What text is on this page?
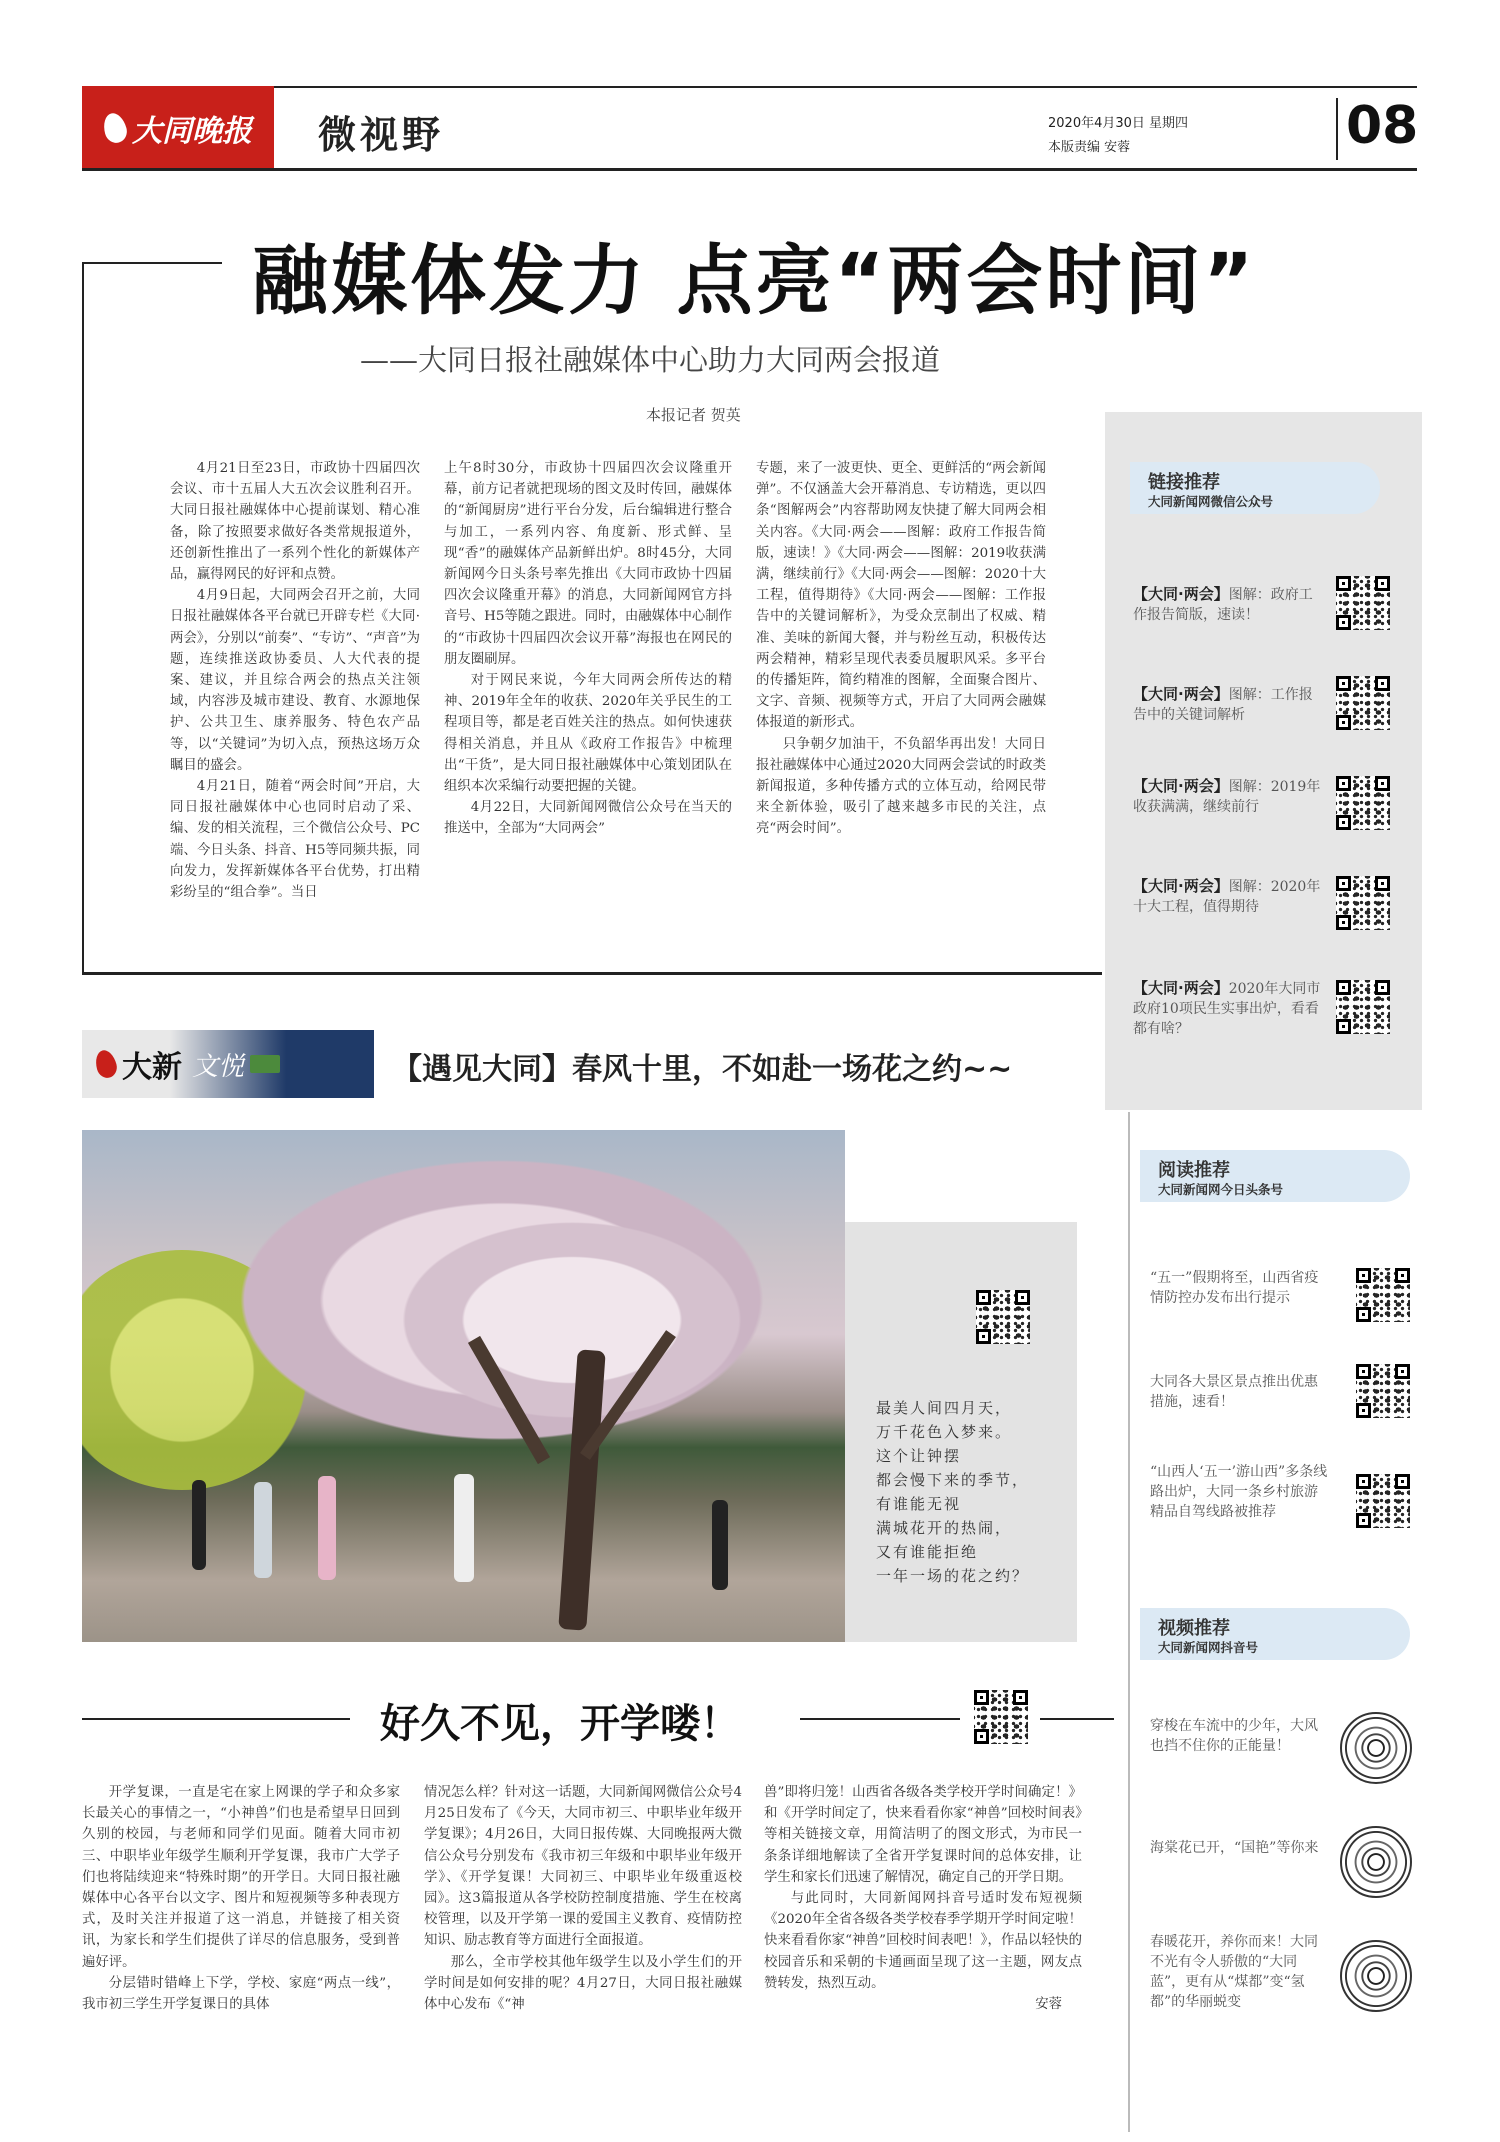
大同晚报 微视野	2020年4月30日 星期四
本版责编 安蓉	08
融媒体发力 点亮“两会时间”
——大同日报社融媒体中心助力大同两会报道
本报记者 贺英

4月21日至23日，市政协十四届四次会议、市十五届人大五次会议胜利召开。大同日报社融媒体中心提前谋划、精心准备，除了按照要求做好各类常规报道外，还创新性推出了一系列个性化的新媒体产品，赢得网民的好评和点赞。

4月9日起，大同两会召开之前，大同日报社融媒体各平台就已开辟专栏《大同·两会》，分别以“前奏”、“专访”、“声音”为题，连续推送政协委员、人大代表的提案、建议，并且综合两会的热点关注领域，内容涉及城市建设、教育、水源地保护、公共卫生、康养服务、特色农产品等，以“关键词”为切入点，预热这场万众瞩目的盛会。

4月21日，随着“两会时间”开启，大同日报社融媒体中心也同时启动了采、编、发的相关流程，三个微信公众号、PC端、今日头条、抖音、H5等同频共振，同向发力，发挥新媒体各平台优势，打出精彩纷呈的“组合拳”。当日

上午8时30分，市政协十四届四次会议隆重开幕，前方记者就把现场的图文及时传回，融媒体的“新闻厨房”进行平台分发，后台编辑进行整合与加工，一系列内容、角度新、形式鲜、呈现“香”的融媒体产品新鲜出炉。8时45分，大同新闻网今日头条号率先推出《大同市政协十四届四次会议隆重开幕》的消息，大同新闻网官方抖音号、H5等随之跟进。同时，由融媒体中心制作的“市政协十四届四次会议开幕”海报也在网民的朋友圈刷屏。

对于网民来说，今年大同两会所传达的精神、2019年全年的收获、2020年关乎民生的工程项目等，都是老百姓关注的热点。如何快速获得相关消息，并且从《政府工作报告》中梳理出“干货”，是大同日报社融媒体中心策划团队在组织本次采编行动要把握的关键。

4月22日，大同新闻网微信公众号在当天的推送中，全部为“大同两会”

专题，来了一波更快、更全、更鲜活的“两会新闻弹”。不仅涵盖大会开幕消息、专访精选，更以四条“图解两会”内容帮助网友快捷了解大同两会相关内容。《大同·两会——图解：政府工作报告简版，速读！》《大同·两会——图解：2019收获满满，继续前行》《大同·两会——图解：2020十大工程，值得期待》《大同·两会——图解：工作报告中的关键词解析》，为受众烹制出了权威、精准、美味的新闻大餐，并与粉丝互动，积极传达两会精神，精彩呈现代表委员履职风采。多平台的传播矩阵，简约精准的图解，全面聚合图片、文字、音频、视频等方式，开启了大同两会融媒体报道的新形式。

只争朝夕加油干，不负韶华再出发！大同日报社融媒体中心通过2020大同两会尝试的时政类新闻报道，多种传播方式的立体互动，给网民带来全新体验，吸引了越来越多市民的关注，点亮“两会时间”。

链接推荐
大同新闻网微信公众号
【大同·两会】图解：政府工作报告简版，速读！
【大同·两会】图解：工作报告中的关键词解析
【大同·两会】图解：2019年收获满满，继续前行
【大同·两会】图解：2020年十大工程，值得期待
【大同·两会】2020年大同市政府10项民生实事出炉，看看都有啥？
大新 文悦	【遇见大同】春风十里，不如赴一场花之约~~
最美人间四月天，
万千花色入梦来。
这个让钟摆
都会慢下来的季节，
有谁能无视
满城花开的热闹，
又有谁能拒绝
一年一场的花之约？
阅读推荐
大同新闻网今日头条号
“五一”假期将至，山西省疫情防控办发布出行提示
大同各大景区景点推出优惠措施，速看！
“山西人‘五一’游山西”多条线路出炉，大同一条乡村旅游精品自驾线路被推荐
视频推荐
大同新闻网抖音号
穿梭在车流中的少年，大风也挡不住你的正能量！
海棠花已开，“国艳”等你来
春暖花开，养你而来！大同不光有令人骄傲的“大同蓝”，更有从“煤都”变“氢都”的华丽蜕变
好久不见，开学喽！

开学复课，一直是宅在家上网课的学子和众多家长最关心的事情之一，“小神兽”们也是希望早日回到久别的校园，与老师和同学们见面。随着大同市初三、中职毕业年级学生顺利开学复课，我市广大学子们也将陆续迎来“特殊时期”的开学日。大同日报社融媒体中心各平台以文字、图片和短视频等多种表现方式，及时关注并报道了这一消息，并链接了相关资讯，为家长和学生们提供了详尽的信息服务，受到普遍好评。

分层错时错峰上下学，学校、家庭“两点一线”，我市初三学生开学复课日的具体

情况怎么样？针对这一话题，大同新闻网微信公众号4月25日发布了《今天，大同市初三、中职毕业年级开学复课》；4月26日，大同日报传媒、大同晚报两大微信公众号分别发布《我市初三年级和中职毕业年级开学》、《开学复课！大同初三、中职毕业年级重返校园》。这3篇报道从各学校防控制度措施、学生在校离校管理，以及开学第一课的爱国主义教育、疫情防控知识、励志教育等方面进行全面报道。

那么，全市学校其他年级学生以及小学生们的开学时间是如何安排的呢？4月27日，大同日报社融媒体中心发布《“神

兽”即将归笼！山西省各级各类学校开学时间确定！》和《开学时间定了，快来看看你家“神兽”回校时间表》等相关链接文章，用简洁明了的图文形式，为市民一条条详细地解读了全省开学复课时间的总体安排，让学生和家长们迅速了解情况，确定自己的开学日期。

与此同时，大同新闻网抖音号适时发布短视频《2020年全省各级各类学校春季学期开学时间定啦！快来看看你家“神兽”回校时间表吧！》，作品以轻快的校园音乐和采朝的卡通画面呈现了这一主题，网友点赞转发，热烈互动。

安蓉
